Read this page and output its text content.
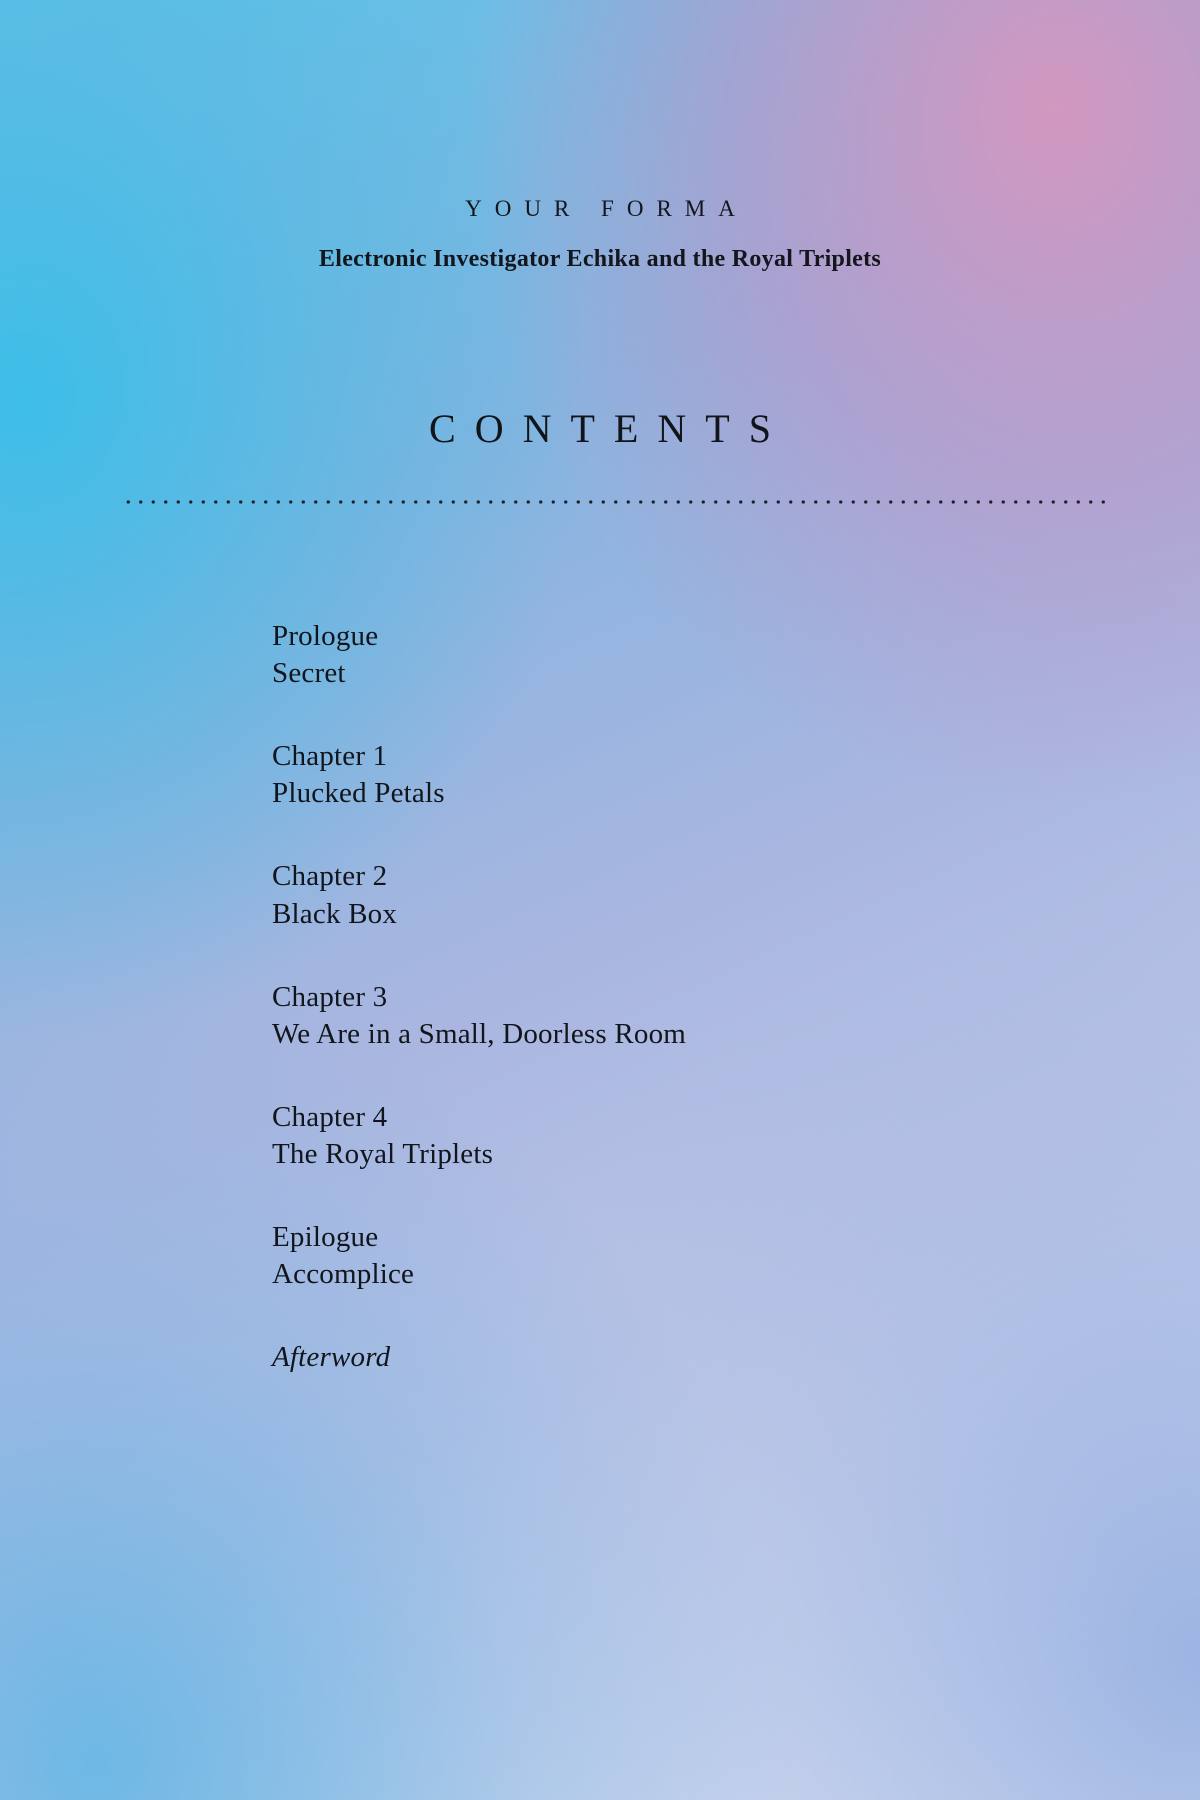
YOUR FORMA
Electronic Investigator Echika and the Royal Triplets
CONTENTS
Prologue
Secret
Chapter 1
Plucked Petals
Chapter 2
Black Box
Chapter 3
We Are in a Small, Doorless Room
Chapter 4
The Royal Triplets
Epilogue
Accomplice
Afterword
